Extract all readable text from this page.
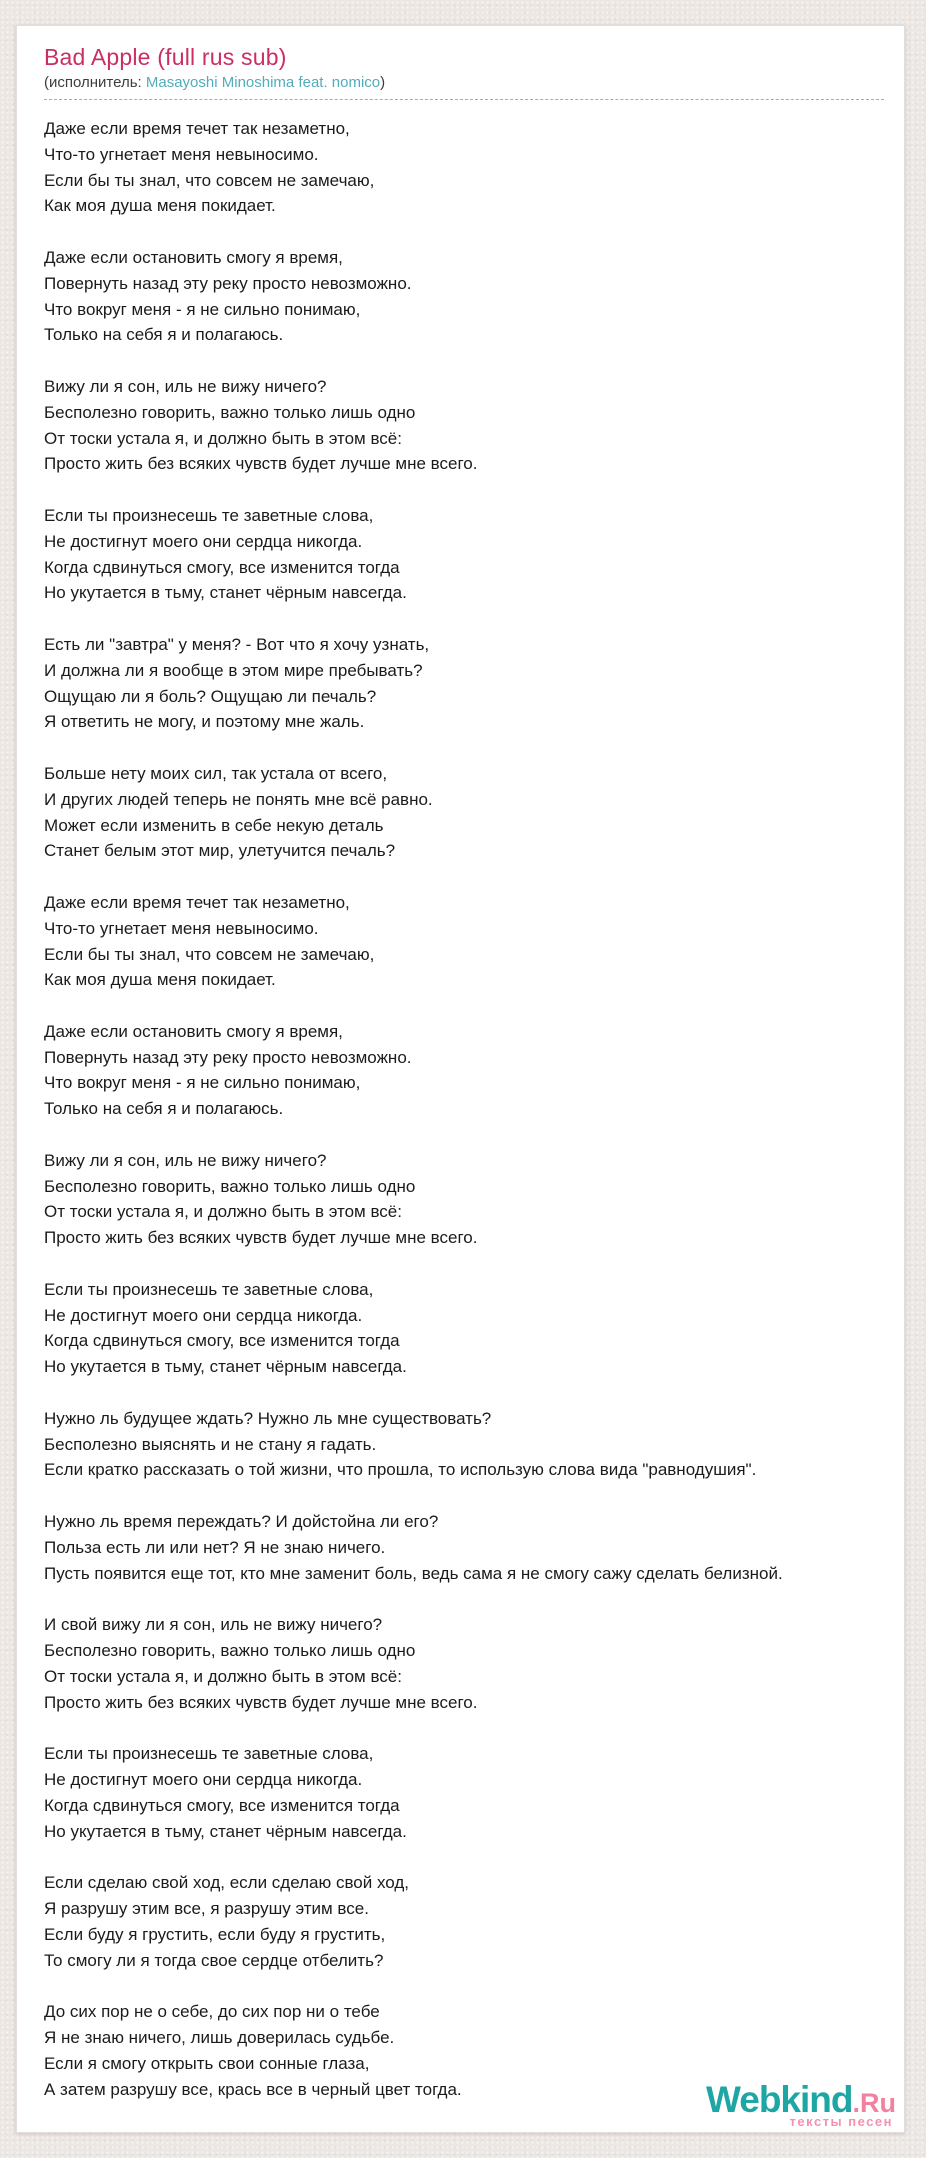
Bad Apple (full rus sub)
(исполнитель: Masayoshi Minoshima feat. nomico)
Даже если время течет так незаметно,
Что-то угнетает меня невыносимо.
Если бы ты знал, что совсем не замечаю,
Как моя душа меня покидает.
Даже если остановить смогу я время,
Повернуть назад эту реку просто невозможно.
Что вокруг меня - я не сильно понимаю,
Только на себя я и полагаюсь.
Вижу ли я сон, иль не вижу ничего?
Бесполезно говорить, важно только лишь одно
От тоски устала я, и должно быть в этом всё:
Просто жить без всяких чувств будет лучше мне всего.
Если ты произнесешь те заветные слова,
Не достигнут моего они сердца никогда.
Когда сдвинуться смогу, все изменится тогда
Но укутается в тьму, станет чёрным навсегда.
Есть ли "завтра" у меня? - Вот что я хочу узнать,
И должна ли я вообще в этом мире пребывать?
Ощущаю ли я боль? Ощущаю ли печаль?
Я ответить не могу, и поэтому мне жаль.
Больше нету моих сил, так устала от всего,
И других людей теперь не понять мне всё равно.
Может если изменить в себе некую деталь
Станет белым этот мир, улетучится печаль?
Даже если время течет так незаметно,
Что-то угнетает меня невыносимо.
Если бы ты знал, что совсем не замечаю,
Как моя душа меня покидает.
Даже если остановить смогу я время,
Повернуть назад эту реку просто невозможно.
Что вокруг меня - я не сильно понимаю,
Только на себя я и полагаюсь.
Вижу ли я сон, иль не вижу ничего?
Бесполезно говорить, важно только лишь одно
От тоски устала я, и должно быть в этом всё:
Просто жить без всяких чувств будет лучше мне всего.
Если ты произнесешь те заветные слова,
Не достигнут моего они сердца никогда.
Когда сдвинуться смогу, все изменится тогда
Но укутается в тьму, станет чёрным навсегда.
Нужно ль будущее ждать? Нужно ль мне существовать?
Бесполезно выяснять и не стану я гадать.
Если кратко рассказать о той жизни, что прошла, то использую слова вида "равнодушия".
Нужно ль время переждать? И дойстойна ли его?
Польза есть ли или нет? Я не знаю ничего.
Пусть появится еще тот, кто мне заменит боль, ведь сама я не смогу сажу сделать белизной.
И свой вижу ли я сон, иль не вижу ничего?
Бесполезно говорить, важно только лишь одно
От тоски устала я, и должно быть в этом всё:
Просто жить без всяких чувств будет лучше мне всего.
Если ты произнесешь те заветные слова,
Не достигнут моего они сердца никогда.
Когда сдвинуться смогу, все изменится тогда
Но укутается в тьму, станет чёрным навсегда.
Если сделаю свой ход, если сделаю свой ход,
Я разрушу этим все, я разрушу этим все.
Если буду я грустить, если буду я грустить,
То смогу ли я тогда свое сердце отбелить?
До сих пор не о себе, до сих пор ни о тебе
Я не знаю ничего, лишь доверилась судьбе.
Если я смогу открыть свои сонные глаза,
А затем разрушу все, крась все в черный цвет тогда.	Webkind.Ru
тексты песен
